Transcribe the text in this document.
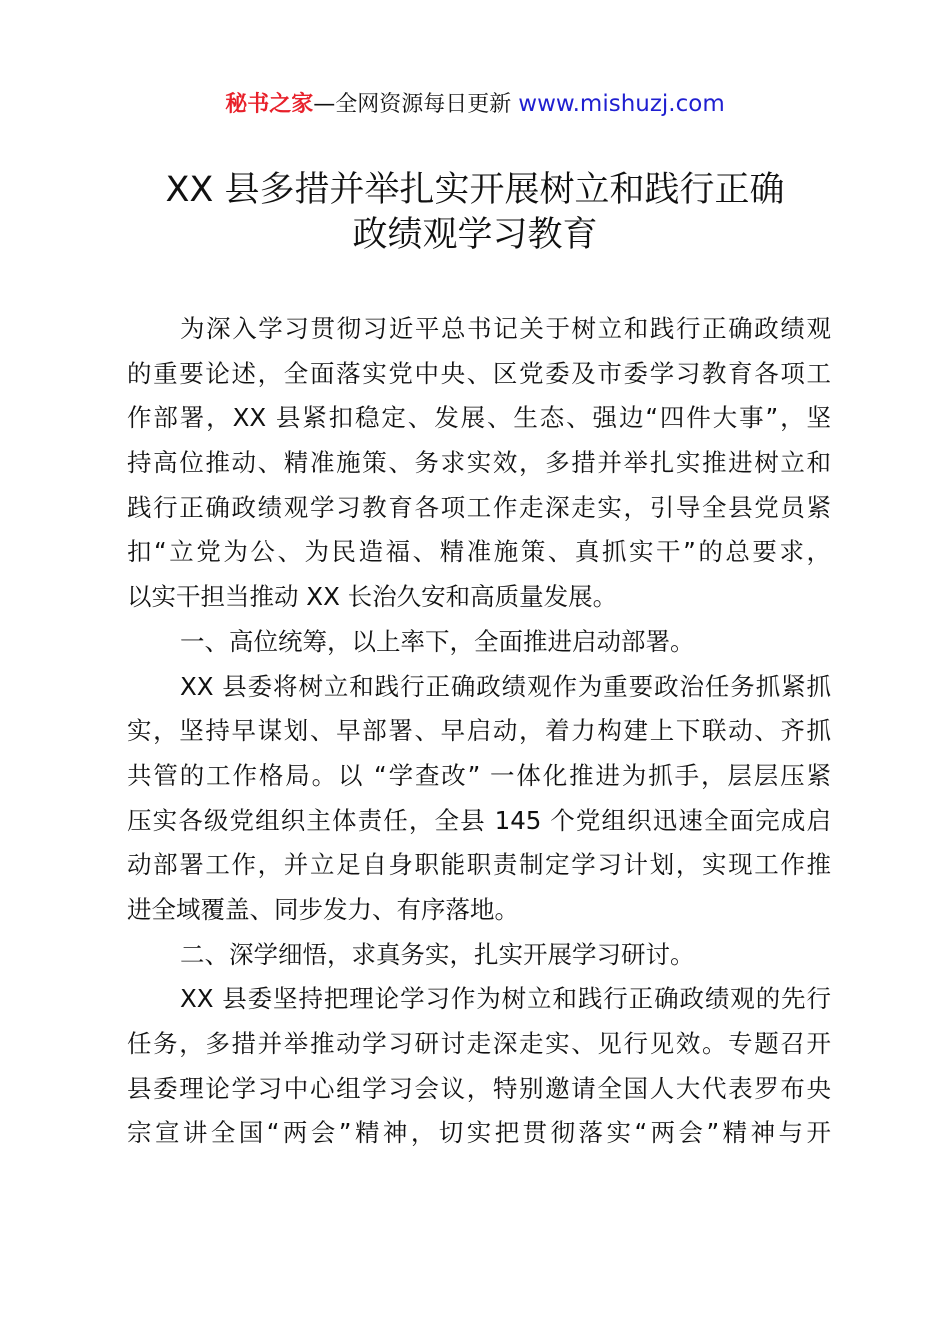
秘书之家—全网资源每日更新 www.mishuzj.com
XX 县多措并举扎实开展树立和践行正确
政绩观学习教育
为深入学习贯彻习近平总书记关于树立和践行正确政绩观
的重要论述，全面落实党中央、区党委及市委学习教育各项工
作部署，XX 县紧扣稳定、发展、生态、强边“四件大事”，坚
持高位推动、精准施策、务求实效，多措并举扎实推进树立和
践行正确政绩观学习教育各项工作走深走实，引导全县党员紧
扣“立党为公、为民造福、精准施策、真抓实干”的总要求，
以实干担当推动 XX 长治久安和高质量发展。
一、高位统筹，以上率下，全面推进启动部署。
XX 县委将树立和践行正确政绩观作为重要政治任务抓紧抓
实，坚持早谋划、早部署、早启动，着力构建上下联动、齐抓
共管的工作格局。以 “学查改” 一体化推进为抓手，层层压紧
压实各级党组织主体责任，全县 145 个党组织迅速全面完成启
动部署工作，并立足自身职能职责制定学习计划，实现工作推
进全域覆盖、同步发力、有序落地。
二、深学细悟，求真务实，扎实开展学习研讨。
XX 县委坚持把理论学习作为树立和践行正确政绩观的先行
任务，多措并举推动学习研讨走深走实、见行见效。专题召开
县委理论学习中心组学习会议，特别邀请全国人大代表罗布央
宗宣讲全国“两会”精神，切实把贯彻落实“两会”精神与开
